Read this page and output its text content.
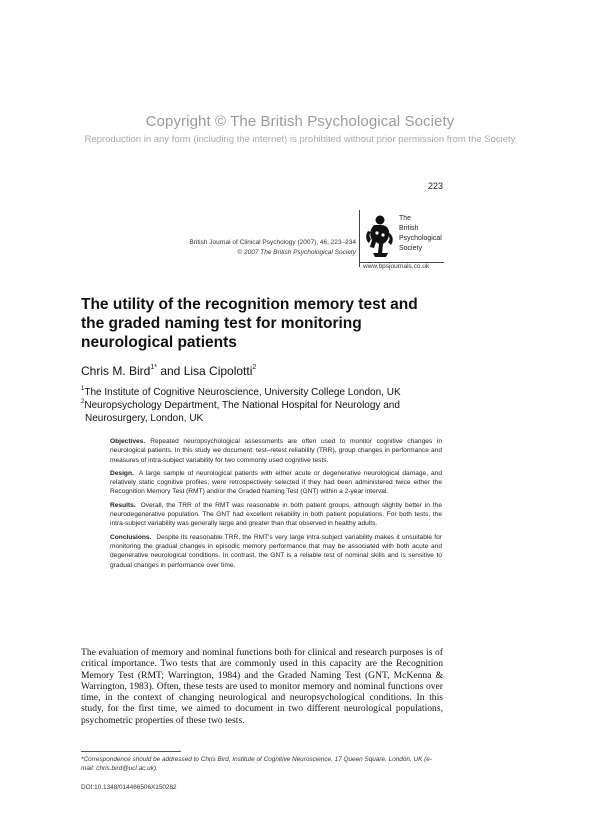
Copyright © The British Psychological Society
Reproduction in any form (including the internet) is prohibited without prior permission from the Society
223
British Journal of Clinical Psychology (2007), 46, 223–234
© 2007 The British Psychological Society
The
British
Psychological
Society
www.bpsjournals.co.uk
The utility of the recognition memory test and the graded naming test for monitoring neurological patients
Chris M. Bird$^{1*}$ and Lisa Cipolotti$^2$
$^1$The Institute of Cognitive Neuroscience, University College London, UK
$^2$Neuropsychology Department, The National Hospital for Neurology and
Neurosurgery, London, UK

Objectives. Repeated neuropsychological assessments are often used to monitor cognitive changes in neurological patients. In this study we document: test–retest reliability (TRR), group changes in performance and measures of intra-subject variability for two commonly used cognitive tests.

Design. A large sample of neurological patients with either acute or degenerative neurological damage, and relatively static cognitive profiles, were retrospectively selected if they had been administered twice either the Recognition Memory Test (RMT) and/or the Graded Naming Test (GNT) within a 2-year interval.

Results. Overall, the TRR of the RMT was reasonable in both patient groups, although slightly better in the neurodegenerative population. The GNT had excellent reliability in both patient populations. For both tests, the intra-subject variability was generally large and greater than that observed in healthy adults.

Conclusions. Despite its reasonable TRR, the RMT's very large intra-subject variability makes it unsuitable for monitoring the gradual changes in episodic memory performance that may be associated with both acute and degenerative neurological conditions. In contrast, the GNT is a reliable test of nominal skills and is sensitive to gradual changes in performance over time.

The evaluation of memory and nominal functions both for clinical and research purposes is of critical importance. Two tests that are commonly used in this capacity are the Recognition Memory Test (RMT; Warrington, 1984) and the Graded Naming Test (GNT, McKenna & Warrington, 1983). Often, these tests are used to monitor memory and nominal functions over time, in the context of changing neurological and neuropsychological conditions. In this study, for the first time, we aimed to document in two different neurological populations, psychometric properties of these two tests.

*Correspondence should be addressed to Chris Bird, Institute of Cognitive Neuroscience, 17 Queen Square, London, UK (e-mail: chris.bird@ucl.ac.uk).

DOI:10.1348/014466506X150282
